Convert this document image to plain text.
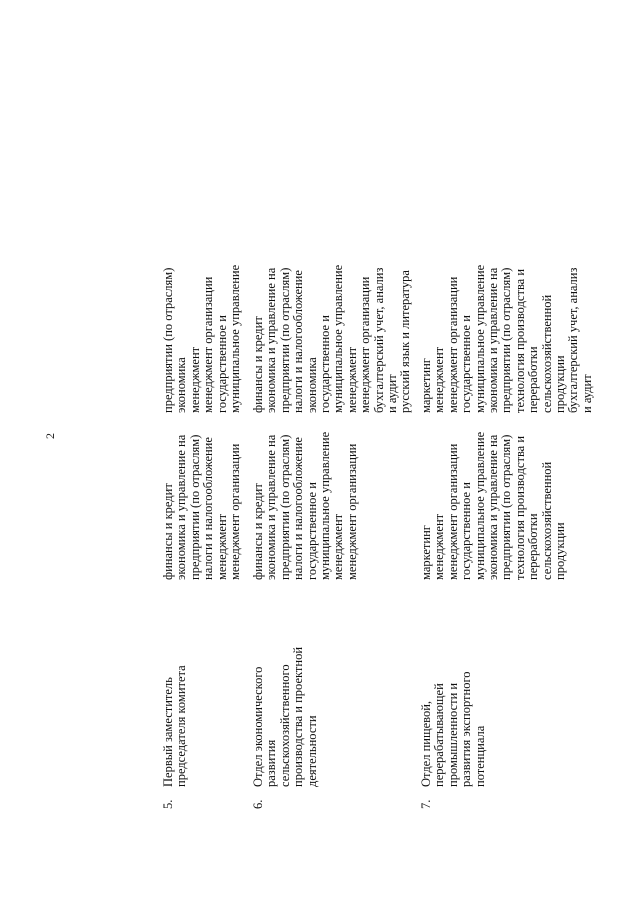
2
5.
Первый заместитель председателя комитета
финансы и кредит экономика и управление на предприятии (по отраслям) налоги и налогообложение менеджмент менеджмент организации
предприятии (по отраслям) экономика менеджмент менеджмент организации государственное и муниципальное управление
6.
Отдел экономического развития сельскохозяйственного производства и проектной деятельности
финансы и кредит экономика и управление на предприятии (по отраслям) налоги и налогообложение государственное и муниципальное управление менеджмент менеджмент организации
финансы и кредит экономика и управление на предприятии (по отраслям) налоги и налогообложение экономика государственное и муниципальное управление менеджмент менеджмент организации бухгалтерский учет, анализ и аудит русский язык и литература
7.
Отдел пищевой, перерабатывающей промышленности и развития экспортного потенциала
маркетинг менеджмент менеджмент организации государственное и муниципальное управление экономика и управление на предприятии (по отраслям) технология производства и переработки сельскохозяйственной продукции
маркетинг менеджмент менеджмент организации государственное и муниципальное управление экономика и управление на предприятии (по отраслям) технология производства и переработки сельскохозяйственной продукции бухгалтерский учет, анализ и аудит
